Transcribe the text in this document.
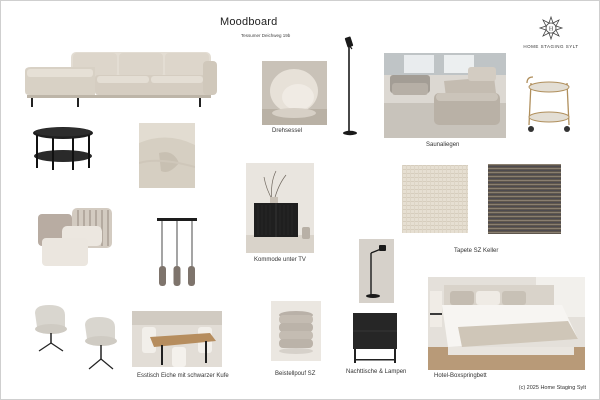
Moodboard
Tessumer Deichweg 19b
H
HOME STAGING SYLT
Drehsessel
Saunaliegen
Kommode unter TV
Tapete SZ Keller
Esstisch Eiche mit schwarzer Kufe	Beistellpouf SZ	Nachttische & Lampen
Hotel-Boxspringbett
(c) 2025 Home Staging Sylt
